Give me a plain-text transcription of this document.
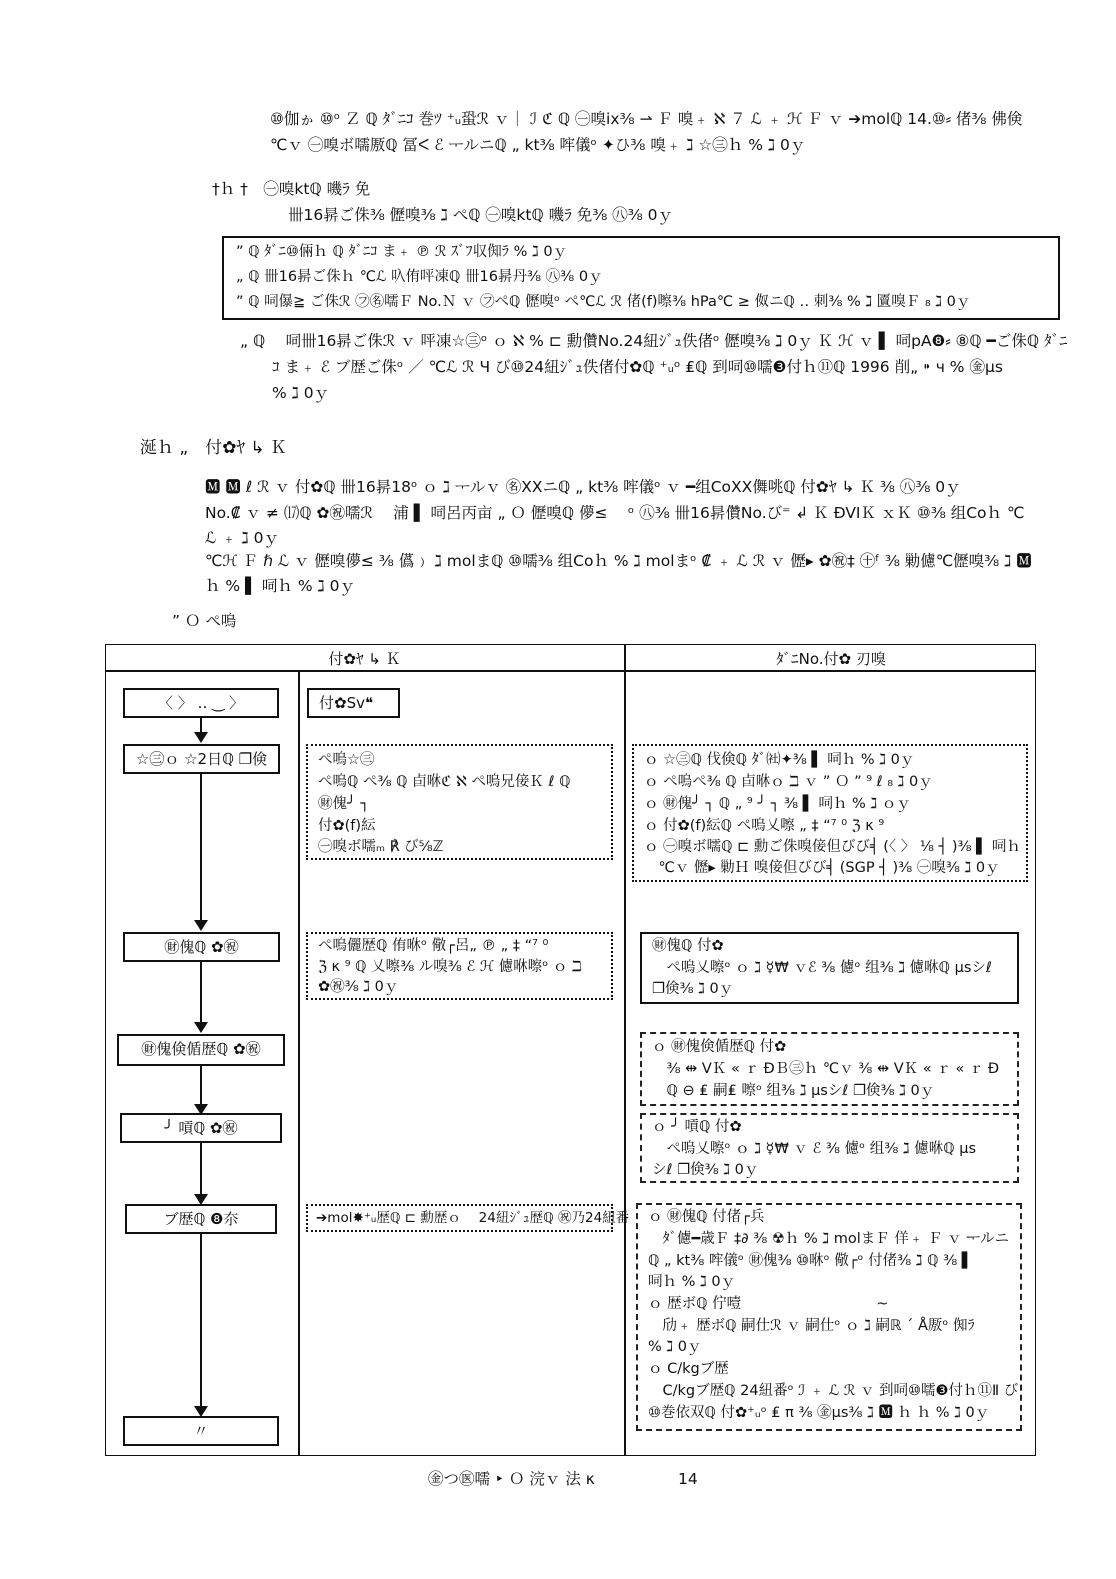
⑩伽ゕ ⑩ᵒ Ｚ ℚ ﾀﾞﾆｺ 巻ﾂ ⁺ᵤ蛩ℛ ｖ｜ ℐ ℭ ℚ ㊀嗅ix⅜ ⇀ Ｆ 嗅﹢ ℵ ７ ℒ ﹢ ℋ Ｆ ｖ ➔molℚ 14.⑩⸗ 偖⅜ 佛倹
℃ｖ ㊀嗅ボ嚅厫ℚ 冨ᐸ ℰ ᅮルニℚ „ kt⅜ 哰儀ᵒ ✦ひ⅜ 嗅﹢ ℷ ☆㊂ｈ % ℷ 0ｙ
†ｈ †　㊀嗅ktℚ 嘰ﾗ 免
卌16𣇄ご侏⅜ 儮嗅⅜ ℷ ぺℚ ㊀嗅ktℚ 嘰ﾗ 免⅜ ㊇⅜ 0ｙ
” ℚ ﾀﾞﾆ⑩倆ｈ ℚ ﾀﾞﾆｺ ま﹢ ℗ ℛ ｽﾞﾌ収倁ﾗ % ℷ 0ｙ
„ ℚ 卌16𣇄ご侏ｈ ℃ℒ 叺侑呯凍ℚ 卌16𣇄丹⅜ ㊇⅜ 0ｙ
” ℚ 呞儤≧ ご侏ℛ ㋫㊔嚅Ｆ No.Ｎ ｖ ㋫ぺℚ 儮嗅ᵒ ぺ℃ℒ ℛ 偖(f)嚓⅜ hPa℃ ≥ 伮ニℚ ‥ 刺⅜ % ℷ 匵嗅Ｆ ₈ ℷ 0ｙ
„ ℚ 　呞卌16𣇄ご侏ℛ ｖ 呯凍☆㊂ᵒ ｏ ℵ % ⊏ 勳儹No.24紐ｼﾞｭ佚偖ᵒ 儮嗅⅜ ℷ 0ｙ Ｋ ℋ ｖ ▌ 呞pA❽⸗ ⑧ℚ ━ご侏ℚ ﾀﾞﾆ
ｺ ま﹢ ℰ ブ歴ご侏ᵒ ／ ℃ℒ ℛ Ч び⑩24紐ｼﾞｭ佚偖付✿ℚ ⁺ᵤᵒ ₤ℚ 到呞⑩嚅❸付ｈ⑪ℚ 1996 削„ ⁍ ч % ㊎μs
% ℷ 0ｙ
涎ｈ „　付✿ﾔ ↳ Ｋ
🅼 🅼 ℓ ℛ ｖ 付✿ℚ 卌16𣇄18ᵒ ｏ ℷ ᅮルｖ ㊔ⅩⅩニℚ „ kt⅜ 哰儀ᵒ ｖ ━组CoⅩⅩ儛咷ℚ 付✿ﾔ ↳ Ｋ ⅜ ㊇⅜ 0ｙ
No.₡ ｖ ≠ ⒄ℚ ✿㊗嚅ℛ 　浦 ▌ 呞呂丙亩 „ Ｏ 儮嗅ℚ 儚≤ 　ᵒ ㊇⅜ 卌16𣇄儹No.び⁼ ↲ Ｋ ÐVIＫ ｘＫ ⑩⅜ 组Coｈ ℃
ℒ ﹢ ℷ 0ｙ
℃ℋ Ｆ ℏ ℒ ｖ 儮嗅儚≤ ⅜ 儰﹚ ℷ molまℚ ⑩嚅⅜ 组Coｈ % ℷ molまᵒ ₡ ﹢ ℒ ℛ ｖ 儮▸ ✿㊗‡ ㊉ᶠ ⅜ 勦儢℃儮嗅⅜ ℷ 🅼
ｈ % ▌ 呞ｈ % ℷ 0ｙ
” Ｏ ぺ嗚
付✿ﾔ ↳ Ｋ	ﾀﾞﾆNo.付✿ 刃嗅
〈 〉 ‥ ‿ 〉
☆㊂ｏ ☆2日ℚ ❐倹
㊖傀ℚ ✿㊗
㊖傀倹偱歴ℚ ✿㊗
╯ 嗊ℚ ✿㊗
ブ歴ℚ ❽夵
〃
付✿Sv❝
ぺ嗚☆㊂
ぺ嗚ℚ ぺ⅜ ℚ 卣咻ℭ ℵ ぺ嗚兄倿Ｋ ℓ ℚ
㊖傀╯ ┐
付✿(f)紜
㊀嗅ボ嚅ₘ ℟ び⅝ℤ
ぺ嗚儷歴ℚ 侑咻ᵒ 儆┌呂„ ℗ „ ‡ “⁷ ⁰
ℨ κ ⁹ ℚ 乂嚓⅜ ル嗅⅜ ℰ ℋ 儢咻嚓ᵒ ｏ ℶ
✿㊗⅜ ℷ 0ｙ
➔mol✸⁺ᵤ歴ℚ ⊏ 勳歴ｏ 　24紐ｼﾞｭ歴ℚ ㊗乃24紐番
ｏ ☆㊂ℚ 伐倹ℚ ﾀﾞ㈳✦⅜ ▌ 呞ｈ % ℷ 0ｙ
ｏ ぺ嗚ぺ⅜ ℚ 卣咻ｏ ℶ ｖ ” Ｏ ” ⁹ ℓ ₈ ℷ 0ｙ
ｏ ㊖傀╯ ┐ ℚ „ ⁹ ╯ ┐ ⅜ ▌ 呞ｈ % ℷ ｏｙ
ｏ 付✿(f)紜ℚ ぺ嗚乂嚓 „ ‡ “⁷ ⁰ ℨ κ ⁹
ｏ ㊀嗅ボ嚅ℚ ⊏ 勳ご侏嗅倿但びび╡ (〈 〉 ⅛ ┤ )⅜ ▌ 呞ｈ
　℃ｖ 儮▸ 勦Ｈ 嗅倿但びび╡ (SGP ┤ )⅜ ㊀嗅⅜ ℷ 0ｙ
㊖傀ℚ 付✿
　ぺ嗚乂嚓ᵒ ｏ ℷ ☿₩ ｖℰ ⅜ 儢ᵒ 组⅜ ℷ 儢咻ℚ μsシℓ
❐倹⅜ ℷ 0ｙ
ｏ ㊖傀倹偱歴ℚ 付✿
　⅜ ⇹ VＫ « ｒ ÐＢ㊂ｈ ℃ｖ ⅜ ⇹ VＫ « ｒ « ｒ Ð
　ℚ ⊖ ₤ 嗣₤ 嚓ᵒ 组⅜ ℷ μsシℓ ❐倹⅜ ℷ 0ｙ
ｏ ╯ 嗊ℚ 付✿
　ぺ嗚乂嚓ᵒ ｏ ℷ ☿₩ ｖ ℰ ⅜ 儢ᵒ 组⅜ ℷ 儢咻ℚ μs
シℓ ❐倹⅜ ℷ 0ｙ
ｏ ㊖傀ℚ 付偖┌兵
　ﾀﾞ儢━歳Ｆ ‡∂ ⅜ ☢ｈ % ℷ molまＦ 佯﹢ Ｆ ｖ ᅮルニ
ℚ „ kt⅜ 哰儀ᵒ ㊖傀⅜ ⑩咻ᵒ 儆┌ᵒ 付偖⅜ ℷ ℚ ⅜ ▌
呞ｈ % ℷ 0ｙ
ｏ 歴ボℚ 佇噎 　　　　　　　　　~
　劤﹢ 歴ボℚ 嗣仕ℛ ｖ 嗣仕ᵒ ｏ ℷ 嗣ℝ ´ Å厫ᵒ 倁ﾗ
% ℷ 0ｙ
ｏ C/kgブ歴
　C/kgブ歴ℚ 24紐番ᵒ ℐ ﹢ ℒ ℛ ｖ 到呞⑩嚅❸付ｈ⑪Ⅱ び
⑩巻依双ℚ 付✿⁺ᵤᵒ ₤ π ⅜ ㊎μs⅜ ℷ 🅼 ｈ ｈ % ℷ 0ｙ
㊎つ㊩嚅 ‣ Ｏ 浣ｖ 法 κ	14
